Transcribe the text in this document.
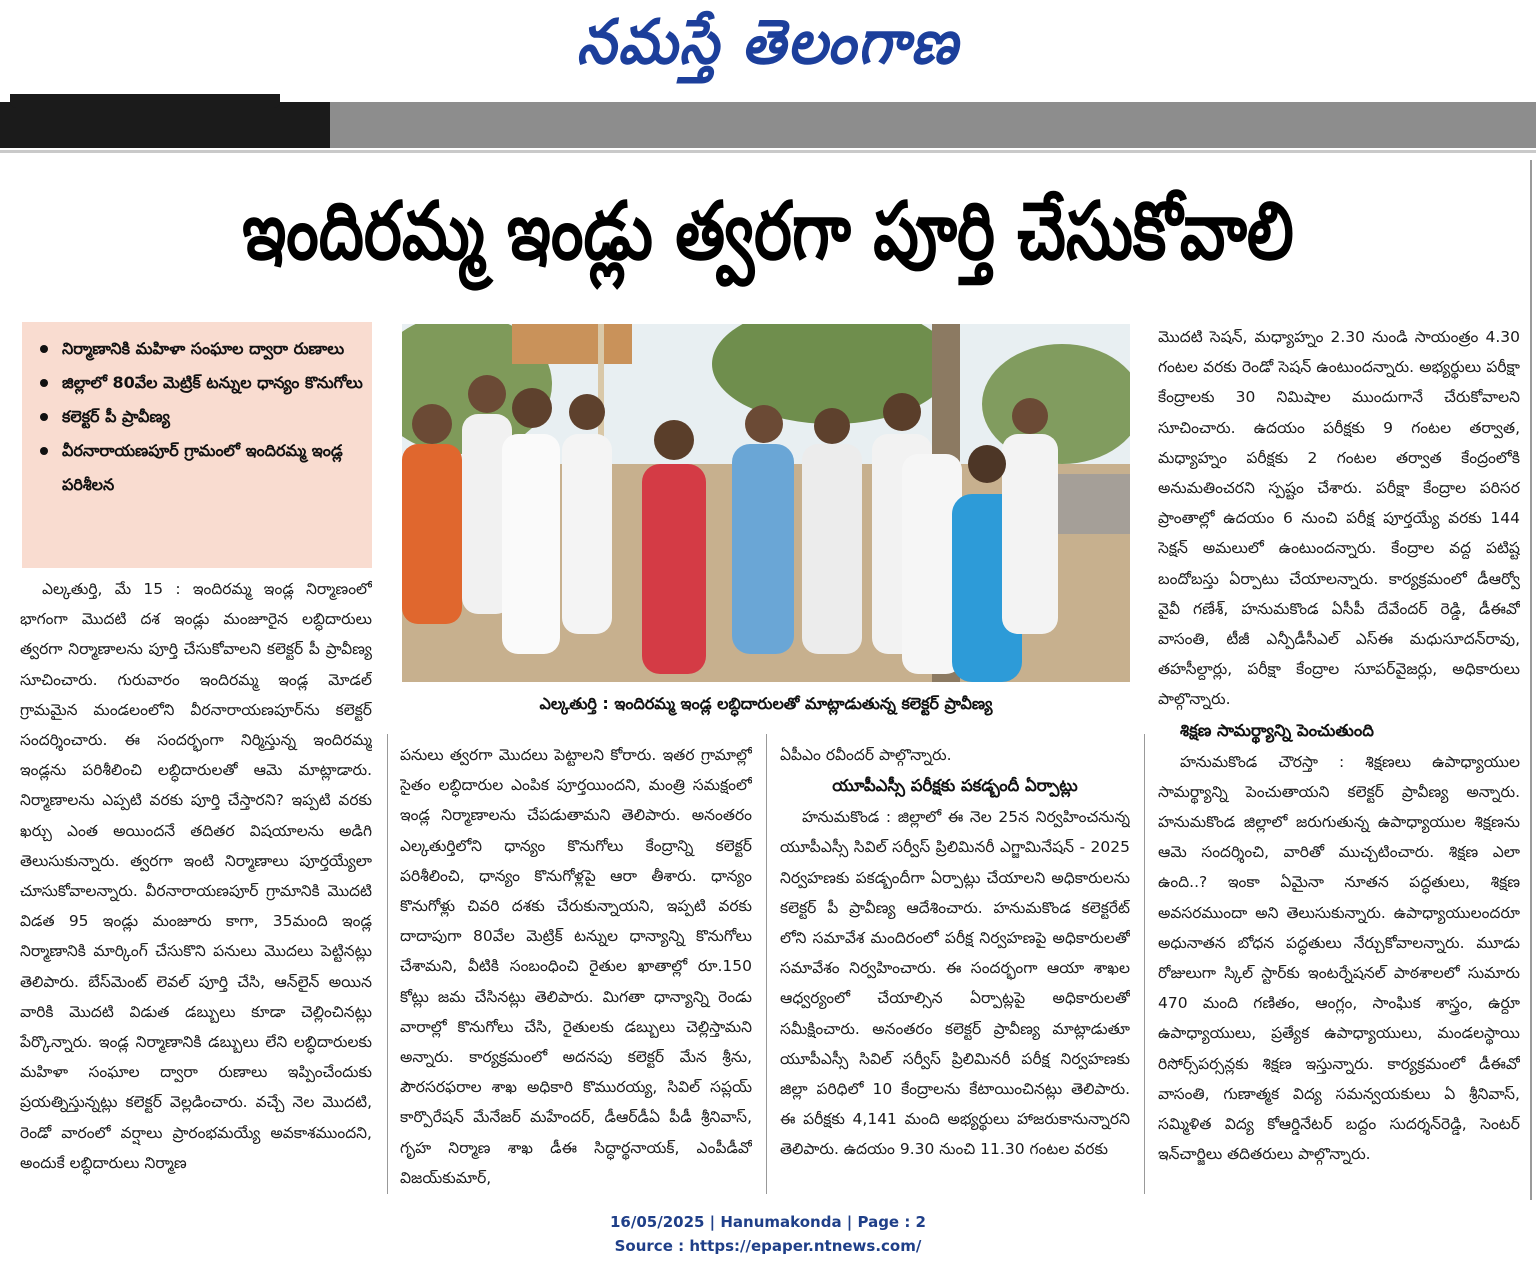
నమస్తే తెలంగాణ
ఇందిరమ్మ ఇండ్లు త్వరగా పూర్తి చేసుకోవాలి
నిర్మాణానికి మహిళా సంఘాల ద్వారా రుణాలు
జిల్లాలో 80వేల మెట్రిక్ టన్నుల ధాన్యం కొనుగోలు
కలెక్టర్ పీ ప్రావీణ్య
వీరనారాయణపూర్ గ్రామంలో ఇందిరమ్మ ఇండ్ల పరిశీలన
ఎల్కతుర్తి : ఇందిరమ్మ ఇండ్ల లబ్ధిదారులతో మాట్లాడుతున్న కలెక్టర్ ప్రావీణ్య

ఎల్కతుర్తి, మే 15 : ఇందిరమ్మ ఇండ్ల నిర్మాణంలో భాగంగా మొదటి దశ ఇండ్లు మంజూరైన లబ్ధిదారులు త్వరగా నిర్మాణాలను పూర్తి చేసుకోవాలని కలెక్టర్ పీ ప్రావీణ్య సూచించారు. గురువారం ఇందిరమ్మ ఇండ్ల మోడల్ గ్రామమైన మండలంలోని వీరనారాయణపూర్‌ను కలెక్టర్ సందర్శించారు. ఈ సందర్భంగా నిర్మిస్తున్న ఇందిరమ్మ ఇండ్లను పరిశీలించి లబ్ధిదారులతో ఆమె మాట్లాడారు. నిర్మాణాలను ఎప్పటి వరకు పూర్తి చేస్తారని? ఇప్పటి వరకు ఖర్చు ఎంత అయిందనే తదితర విషయాలను అడిగి తెలుసుకున్నారు. త్వరగా ఇంటి నిర్మాణాలు పూర్తయ్యేలా చూసుకోవాలన్నారు. వీరనారాయణపూర్ గ్రామానికి మొదటి విడత 95 ఇండ్లు మంజూరు కాగా, 35మంది ఇండ్ల నిర్మాణానికి మార్కింగ్ చేసుకొని పనులు మొదలు పెట్టినట్లు తెలిపారు. బేస్‌మెంట్ లెవల్ పూర్తి చేసి, ఆన్‌లైన్ అయిన వారికి మొదటి విడుత డబ్బులు కూడా చెల్లించినట్లు పేర్కొన్నారు. ఇండ్ల నిర్మాణానికి డబ్బులు లేని లబ్ధిదారులకు మహిళా సంఘాల ద్వారా రుణాలు ఇప్పించేందుకు ప్రయత్నిస్తున్నట్లు కలెక్టర్ వెల్లడించారు. వచ్చే నెల మొదటి, రెండో వారంలో వర్షాలు ప్రారంభమయ్యే అవకాశముందని, అందుకే లబ్ధిదారులు నిర్మాణ

పనులు త్వరగా మొదలు పెట్టాలని కోరారు. ఇతర గ్రామాల్లో సైతం లబ్ధిదారుల ఎంపిక పూర్తయిందని, మంత్రి సమక్షంలో ఇండ్ల నిర్మాణాలను చేపడుతామని తెలిపారు. అనంతరం ఎల్కతుర్తిలోని ధాన్యం కొనుగోలు కేంద్రాన్ని కలెక్టర్ పరిశీలించి, ధాన్యం కొనుగోళ్లపై ఆరా తీశారు. ధాన్యం కొనుగోళ్లు చివరి దశకు చేరుకున్నాయని, ఇప్పటి వరకు దాదాపుగా 80వేల మెట్రిక్ టన్నుల ధాన్యాన్ని కొనుగోలు చేశామని, వీటికి సంబంధించి రైతుల ఖాతాల్లో రూ.150 కోట్లు జమ చేసినట్లు తెలిపారు. మిగతా ధాన్యాన్ని రెండు వారాల్లో కొనుగోలు చేసి, రైతులకు డబ్బులు చెల్లిస్తామని అన్నారు. కార్యక్రమంలో అదనపు కలెక్టర్ మేన శ్రీను, పౌరసరఫరాల శాఖ అధికారి కొమురయ్య, సివిల్ సప్లయ్ కార్పొరేషన్ మేనేజర్ మహేందర్, డీఆర్‌డీఏ పీడీ శ్రీనివాస్, గృహ నిర్మాణ శాఖ డీఈ సిద్ధార్థనాయక్, ఎంపీడీవో విజయ్‌కుమార్,

ఏపీఎం రవీందర్ పాల్గొన్నారు.

యూపీఎస్సీ పరీక్షకు పకడ్బందీ ఏర్పాట్లు

హనుమకొండ : జిల్లాలో ఈ నెల 25న నిర్వహించనున్న యూపీఎస్సీ సివిల్ సర్వీస్ ప్రిలిమినరీ ఎగ్జామినేషన్ - 2025 నిర్వహణకు పకడ్బందీగా ఏర్పాట్లు చేయాలని అధికారులను కలెక్టర్ పీ ప్రావీణ్య ఆదేశించారు. హనుమకొండ కలెక్టరేట్ లోని సమావేశ మందిరంలో పరీక్ష నిర్వహణపై అధికారులతో సమావేశం నిర్వహించారు. ఈ సందర్భంగా ఆయా శాఖల ఆధ్వర్యంలో చేయాల్సిన ఏర్పాట్లపై అధికారులతో సమీక్షించారు. అనంతరం కలెక్టర్ ప్రావీణ్య మాట్లాడుతూ యూపీఎస్సీ సివిల్ సర్వీస్ ప్రిలిమినరీ పరీక్ష నిర్వహణకు జిల్లా పరిధిలో 10 కేంద్రాలను కేటాయించినట్లు తెలిపారు. ఈ పరీక్షకు 4,141 మంది అభ్యర్థులు హాజరుకానున్నారని తెలిపారు. ఉదయం 9.30 నుంచి 11.30 గంటల వరకు

మొదటి సెషన్, మధ్యాహ్నం 2.30 నుండి సాయంత్రం 4.30 గంటల వరకు రెండో సెషన్ ఉంటుందన్నారు. అభ్యర్థులు పరీక్షా కేంద్రాలకు 30 నిమిషాల ముందుగానే చేరుకోవాలని సూచించారు. ఉదయం పరీక్షకు 9 గంటల తర్వాత, మధ్యాహ్నం పరీక్షకు 2 గంటల తర్వాత కేంద్రంలోకి అనుమతించరని స్పష్టం చేశారు. పరీక్షా కేంద్రాల పరిసర ప్రాంతాల్లో ఉదయం 6 నుంచి పరీక్ష పూర్తయ్యే వరకు 144 సెక్షన్ అమలులో ఉంటుందన్నారు. కేంద్రాల వద్ద పటిష్ట బందోబస్తు ఏర్పాటు చేయాలన్నారు. కార్యక్రమంలో డీఆర్వో వైవీ గణేశ్, హనుమకొండ ఏసీపీ దేవేందర్ రెడ్డి, డీఈవో వాసంతి, టీజీ ఎన్పీడీసీఎల్ ఎస్ఈ మధుసూదన్‌రావు, తహసీల్దార్లు, పరీక్షా కేంద్రాల సూపర్‌వైజర్లు, అధికారులు పాల్గొన్నారు.

శిక్షణ సామర్థ్యాన్ని పెంచుతుంది

హనుమకొండ చౌరస్తా : శిక్షణలు ఉపాధ్యాయుల సామర్థ్యాన్ని పెంచుతాయని కలెక్టర్ ప్రావీణ్య అన్నారు. హనుమకొండ జిల్లాలో జరుగుతున్న ఉపాధ్యాయుల శిక్షణను ఆమె సందర్శించి, వారితో ముచ్చటించారు. శిక్షణ ఎలా ఉంది..? ఇంకా ఏమైనా నూతన పద్ధతులు, శిక్షణ అవసరముందా అని తెలుసుకున్నారు. ఉపాధ్యాయులందరూ అధునాతన బోధన పద్ధతులు నేర్చుకోవాలన్నారు. మూడు రోజులుగా స్కిల్ స్టార్‌కు ఇంటర్నేషనల్ పాఠశాలలో సుమారు 470 మంది గణితం, ఆంగ్లం, సాంఘిక శాస్త్రం, ఉర్దూ ఉపాధ్యాయులు, ప్రత్యేక ఉపాధ్యాయులు, మండలస్థాయి రిసోర్స్‌పర్సన్లకు శిక్షణ ఇస్తున్నారు. కార్యక్రమంలో డీఈవో వాసంతి, గుణాత్మక విద్య సమన్వయకులు ఏ శ్రీనివాస్, సమ్మిళిత విద్య కోఆర్డినేటర్ బద్దం సుదర్శన్‌రెడ్డి, సెంటర్ ఇన్‌చార్జిలు తదితరులు పాల్గొన్నారు.

16/05/2025 | Hanumakonda | Page : 2
Source : https://epaper.ntnews.com/
